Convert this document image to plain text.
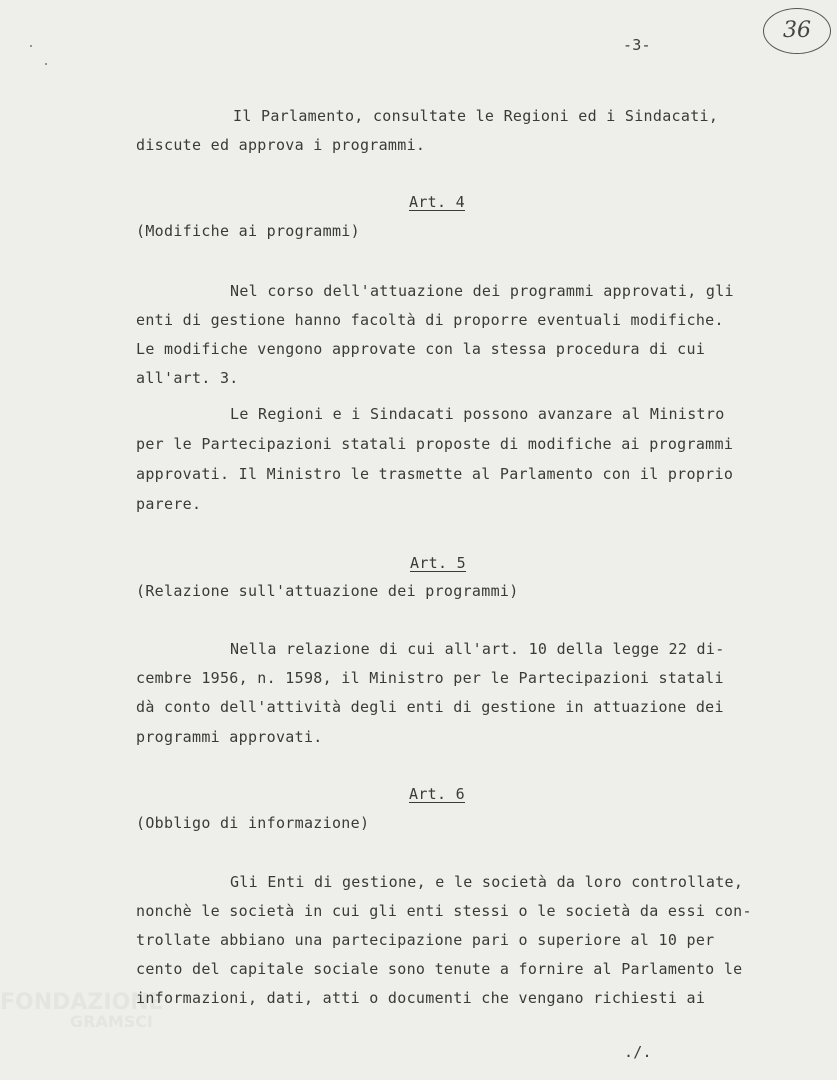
FONDAZIONE
GRAMSCI
-3-
36
Il Parlamento, consultate le Regioni ed i Sindacati,
discute ed approva i programmi.
Art. 4
(Modifiche ai programmi)
Nel corso dell'attuazione dei programmi approvati, gli
enti di gestione hanno facoltà di proporre eventuali modifiche.
Le modifiche vengono approvate con la stessa procedura di cui
all'art. 3.
Le Regioni e i Sindacati possono avanzare al Ministro
per le Partecipazioni statali proposte di modifiche ai programmi
approvati. Il Ministro le trasmette al Parlamento con il proprio
parere.
Art. 5
(Relazione sull'attuazione dei programmi)
Nella relazione di cui all'art. 10 della legge 22 di-
cembre 1956, n. 1598, il Ministro per le Partecipazioni statali
dà conto dell'attività degli enti di gestione in attuazione dei
programmi approvati.
Art. 6
(Obbligo di informazione)
Gli Enti di gestione, e le società da loro controllate,
nonchè le società in cui gli enti stessi o le società da essi con-
trollate abbiano una partecipazione pari o superiore al 10 per
cento del capitale sociale sono tenute a fornire al Parlamento le
informazioni, dati, atti o documenti che vengano richiesti ai
./.
